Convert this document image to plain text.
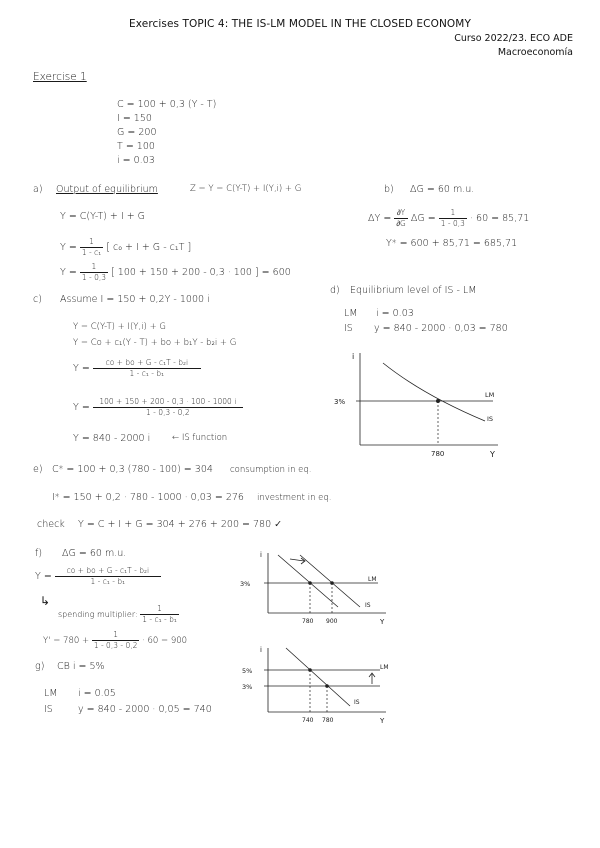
Exercises TOPIC 4: THE IS-LM MODEL IN THE CLOSED ECONOMY
Curso 2022/23. ECO ADE
Macroeconomía
Exercise 1
C = 100 + 0,3 (Y - T)
I = 150
G = 200
T = 100
i = 0.03
a) Output of equilibrium	Z = Y = C(Y-T) + I(Y,i) + G
Y = C(Y-T) + I + G
$Y = \frac{1}{\text{1 - c₁}}$ [ c₀ + I + G - c₁T ]
$Y = \frac{1}{1 - 0,3}$ [ 100 + 150 + 200 - 0,3 · 100 ] = 600
b) ΔG = 60 m.u.
$\Delta Y = \frac{\partial Y}{\partial G}$ $\Delta G = \frac{1}{1 - 0,3} \cdot 60 = 85,71$
Y* = 600 + 85,71 = 685,71
c) Assume I = 150 + 0,2Y - 1000 i
Y = C(Y-T) + I(Y,i) + G
Y = Co + c₁(Y - T) + bo + b₁Y - b₂i + G
$Y = \frac{\text{co + bo + G - c₁T - b₂i}}{\text{1 - c₁ - b₁}}$
$Y = \frac{100 + 150 + 200 - 0,3 \cdot 100 - 1000 i}{1 - 0,3 - 0,2}$
Y = 840 - 2000 i	← IS function
d) Equilibrium level of IS - LM
LM i = 0.03
IS y = 840 - 2000 · 0,03 = 780
i
Y
3%
LM
IS
780
e) C* = 100 + 0,3 (780 - 100) = 304 consumption in eq.
I* = 150 + 0,2 · 780 - 1000 · 0,03 = 276 investment in eq.
check Y = C + I + G = 304 + 276 + 200 = 780 ✓
f) ΔG = 60 m.u.
$Y = \frac{\text{co + bo + G - c₁T - b₂i}}{\text{1 - c₁ - b₁}}$
↳
spending multiplier: $\frac{1}{\text{1 - c₁ - b₁}}$
$Y' = 780 + \frac{1}{1 - 0,3 - 0,2} \cdot 60 = 900$
i
Y
3%
LM
IS
780 900
g) CB i = 5%
LM i = 0.05
IS	y = 840 - 2000 · 0,05 = 740
i
Y
5%
3%
LM
IS
740 780
